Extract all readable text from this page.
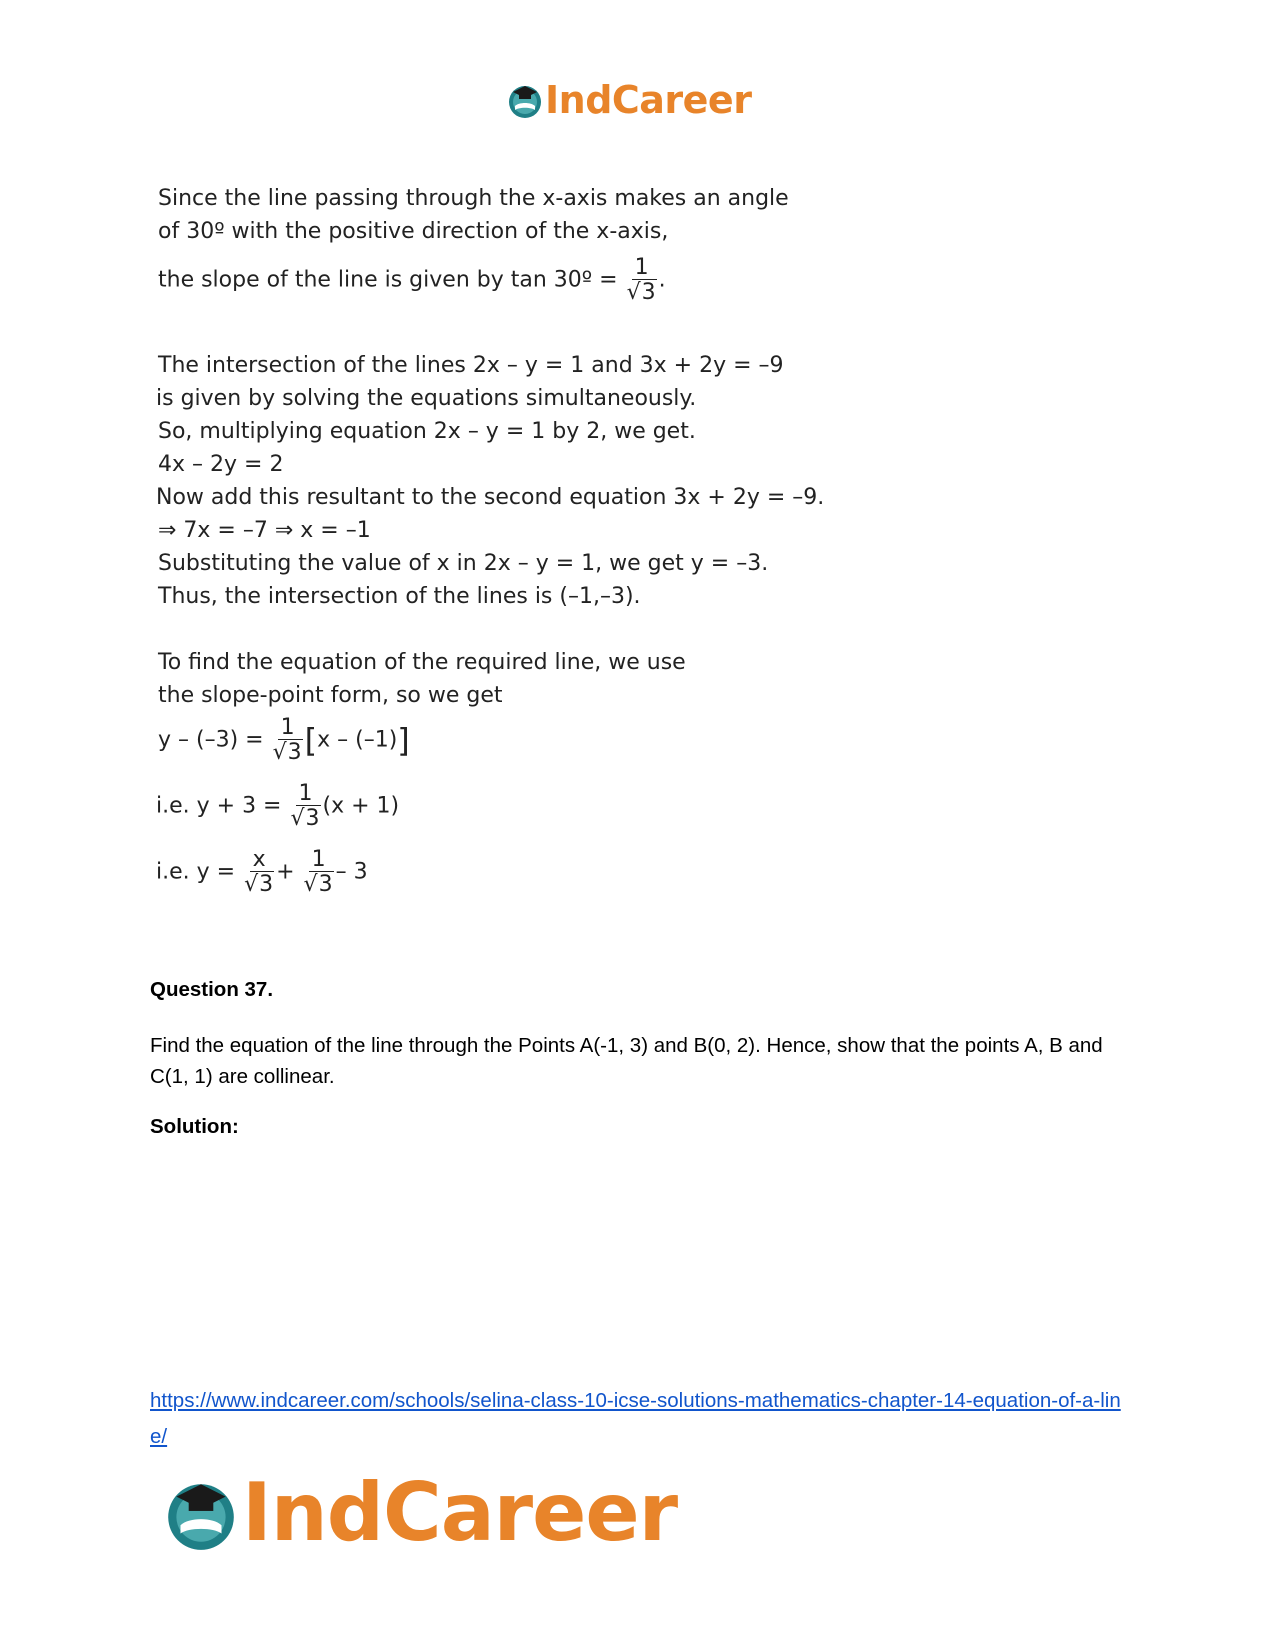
IndCareer
Since the line passing through the x-axis makes an angle
of 30º with the positive direction of the x-axis,
the slope of the line is given by tan 30º = $\frac{1}{√3}$ .
The intersection of the lines 2x – y = 1 and 3x + 2y = –9
is given by solving the equations simultaneously.
So, multiplying equation 2x – y = 1 by 2, we get.
4x – 2y = 2
Now add this resultant to the second equation 3x + 2y = –9.
⇒ 7x = –7 ⇒ x = –1
Substituting the value of x in 2x – y = 1, we get y = –3.
Thus, the intersection of the lines is (–1,–3).
To find the equation of the required line, we use
the slope-point form, so we get
$y - (-3) = \frac{1}{√3} [x - (-1)]$
i.e. $y + 3 = \frac{1}{√3} (x + 1)$
i.e. $y = \frac{x}{√3} + \frac{1}{√3} - 3$
Question 37.
Find the equation of the line through the Points A(-1, 3) and B(0, 2). Hence, show that the points A, B and C(1, 1) are collinear.
Solution:
https://www.indcareer.com/schools/selina-class-10-icse-solutions-mathematics-chapter-14-equation-of-a-line/
IndCareer
